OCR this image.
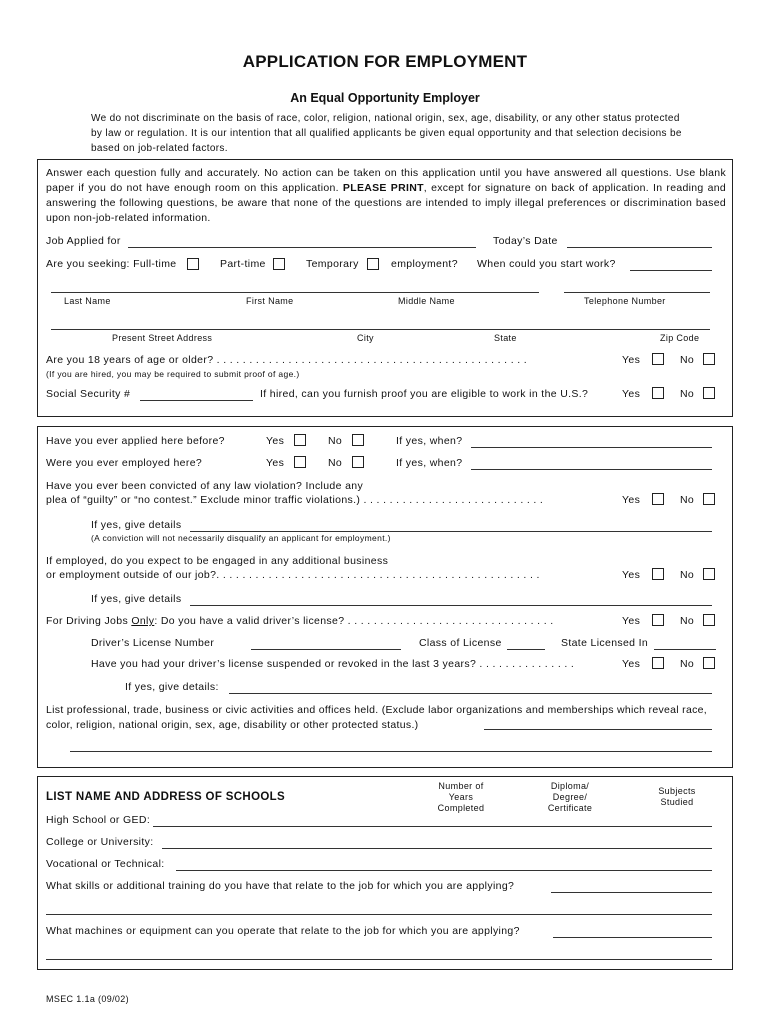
APPLICATION FOR EMPLOYMENT
An Equal Opportunity Employer
We do not discriminate on the basis of race, color, religion, national origin, sex, age, disability, or any other status protected by law or regulation. It is our intention that all qualified applicants be given equal opportunity and that selection decisions be based on job-related factors.
Answer each question fully and accurately. No action can be taken on this application until you have answered all questions. Use blank paper if you do not have enough room on this application. PLEASE PRINT, except for signature on back of application. In reading and answering the following questions, be aware that none of the questions are intended to imply illegal preferences or discrimination based upon non-job-related information.
Job Applied for	Today’s Date
Are you seeking: Full-time	Part-time	Temporary	employment? When could you start work?
Last Name	First Name	Middle Name	Telephone Number
Present Street Address	City	State	Zip Code
Are you 18 years of age or older? . . . . . . . . . . . . . . . . . . . . . . . . . . . . . . . . . . . . . . . . . . . . . . . .	Yes	No
(If you are hired, you may be required to submit proof of age.)
Social Security #	If hired, can you furnish proof you are eligible to work in the U.S.?	Yes	No
Have you ever applied here before?	Yes	No	If yes, when?
Were you ever employed here?	Yes	No	If yes, when?
Have you ever been convicted of any law violation? Include any
plea of “guilty” or “no contest.” Exclude minor traffic violations.) . . . . . . . . . . . . . . . . . . . . . . . . . . . .	Yes	No
If yes, give details
(A conviction will not necessarily disqualify an applicant for employment.)
If employed, do you expect to be engaged in any additional business
or employment outside of our job?. . . . . . . . . . . . . . . . . . . . . . . . . . . . . . . . . . . . . . . . . . . . . . . . . .	Yes	No
If yes, give details
For Driving Jobs Only: Do you have a valid driver’s license? . . . . . . . . . . . . . . . . . . . . . . . . . . . . . . . .	Yes	No
Driver’s License Number	Class of License	State Licensed In
Have you had your driver’s license suspended or revoked in the last 3 years? . . . . . . . . . . . . . . .	Yes	No
If yes, give details:
List professional, trade, business or civic activities and offices held. (Exclude labor organizations and memberships which reveal race, color, religion, national origin, sex, age, disability or other protected status.)
LIST NAME AND ADDRESS OF SCHOOLS
Number of Years Completed
Diploma/ Degree/ Certificate
Subjects Studied
High School or GED:
College or University:
Vocational or Technical:
What skills or additional training do you have that relate to the job for which you are applying?
What machines or equipment can you operate that relate to the job for which you are applying?
MSEC 1.1a (09/02)
